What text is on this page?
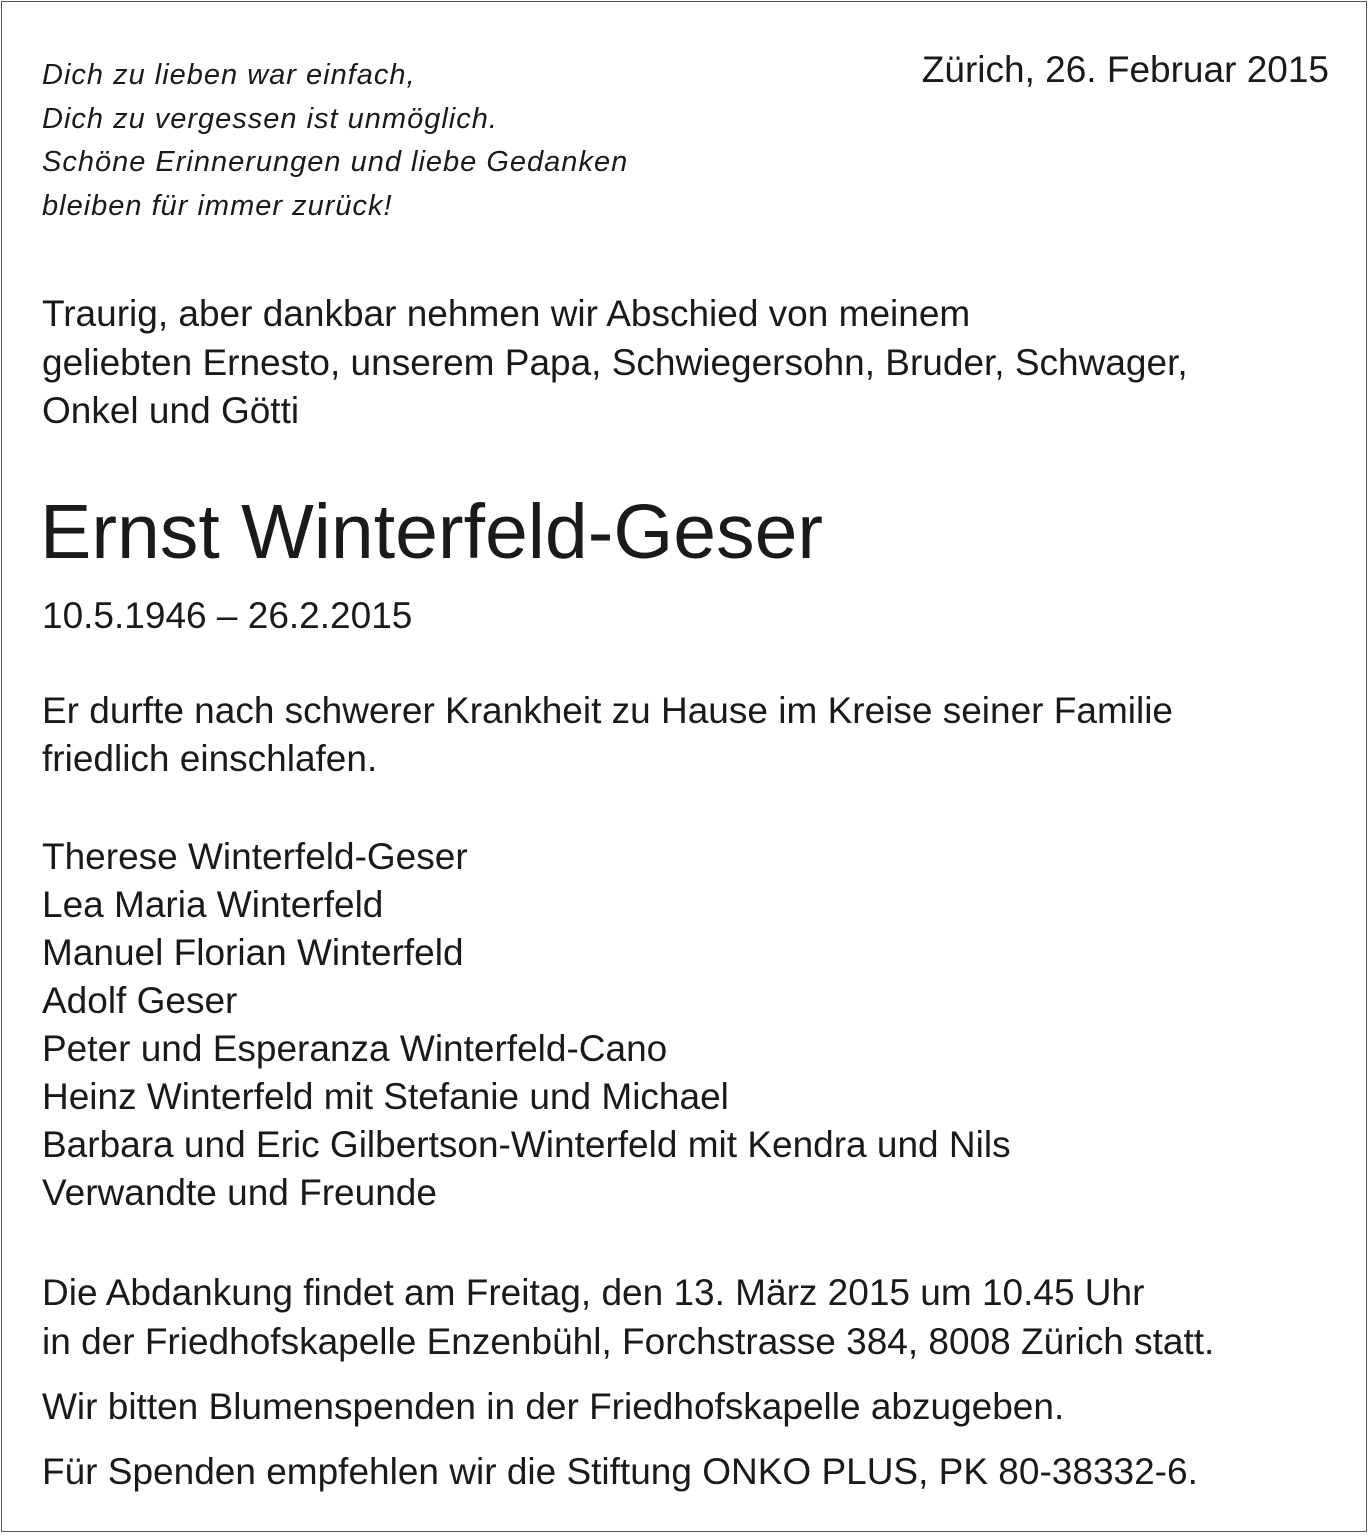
Dich zu lieben war einfach,
Dich zu vergessen ist unmöglich.
Schöne Erinnerungen und liebe Gedanken
bleiben für immer zurück!
Zürich, 26. Februar 2015
Traurig, aber dankbar nehmen wir Abschied von meinem
geliebten Ernesto, unserem Papa, Schwiegersohn, Bruder, Schwager,
Onkel und Götti
Ernst Winterfeld-Geser
10.5.1946 – 26.2.2015
Er durfte nach schwerer Krankheit zu Hause im Kreise seiner Familie
friedlich einschlafen.
Therese Winterfeld-Geser
Lea Maria Winterfeld
Manuel Florian Winterfeld
Adolf Geser
Peter und Esperanza Winterfeld-Cano
Heinz Winterfeld mit Stefanie und Michael
Barbara und Eric Gilbertson-Winterfeld mit Kendra und Nils
Verwandte und Freunde
Die Abdankung findet am Freitag, den 13. März 2015 um 10.45 Uhr
in der Friedhofskapelle Enzenbühl, Forchstrasse 384, 8008 Zürich statt.
Wir bitten Blumenspenden in der Friedhofskapelle abzugeben.
Für Spenden empfehlen wir die Stiftung ONKO PLUS, PK 80-38332-6.
